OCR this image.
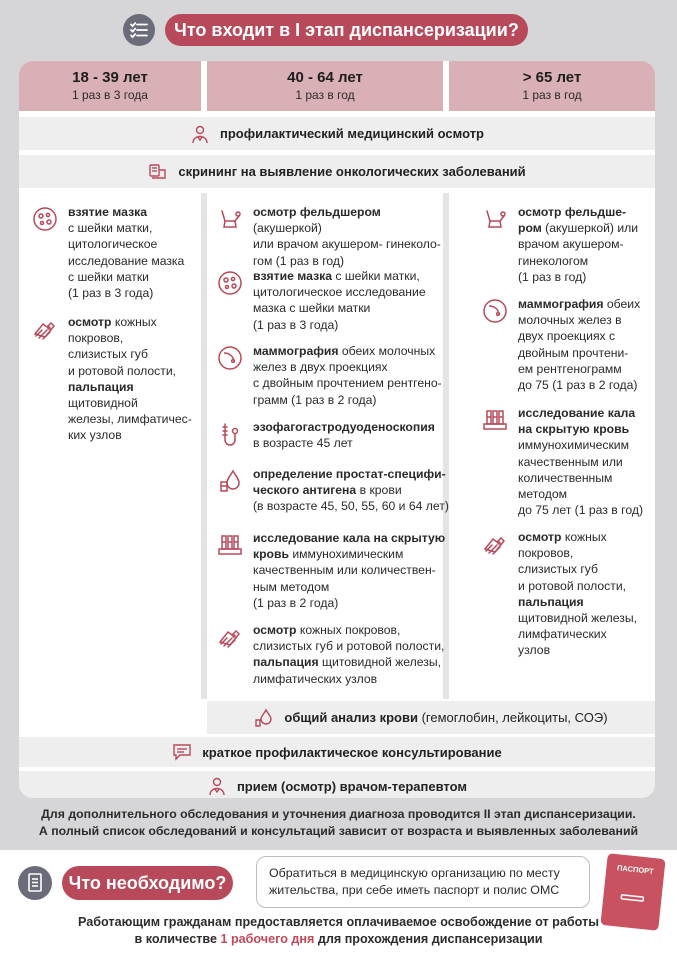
Что входит в I этап диспансеризации?
18 - 39 лет
1 раз в 3 года
40 - 64 лет
1 раз в год
> 65 лет
1 раз в год
профилактический медицинский осмотр
скрининг на выявление онкологических заболеваний
взятие мазка
с шейки матки,
цитологическое
исследование мазка
с шейки матки
(1 раз в 3 года)
осмотр кожных
покровов,
слизистых губ
и ротовой полости,
пальпация
щитовидной
железы, лимфатичес-
ких узлов
осмотр фельдшером (акушеркой)
или врачом акушером- гинеколо-
гом (1 раз в год)
взятие мазка с шейки матки,
цитологическое исследование
мазка с шейки матки
(1 раз в 3 года)
маммография обеих молочных
желез в двух проекциях
с двойным прочтением рентгено-
грамм (1 раз в 2 года)
эзофагогастродуоденоскопия
в возрасте 45 лет
определение простат-специфи-
ческого антигена в крови
(в возрасте 45, 50, 55, 60 и 64 лет)
исследование кала на скрытую
кровь иммунохимическим
качественным или количествен-
ным методом
(1 раз в 2 года)
осмотр кожных покровов,
слизистых губ и ротовой полости,
пальпация щитовидной железы,
лимфатических узлов
осмотр фельдше-
ром (акушеркой) или
врачом акушером-
гинекологом
(1 раз в год)
маммография обеих
молочных желез в
двух проекциях с
двойным прочтени-
ем рентгенограмм
до 75 (1 раз в 2 года)
исследование кала
на скрытую кровь
иммунохимическим
качественным или
количественным
методом
до 75 лет (1 раз в год)
осмотр кожных
покровов,
слизистых губ
и ротовой полости,
пальпация
щитовидной железы,
лимфатических
узлов
общий анализ крови (гемоглобин, лейкоциты, СОЭ)
краткое профилактическое консультирование
прием (осмотр) врачом-терапевтом
Для дополнительного обследования и уточнения диагноза проводится II этап диспансеризации.
А полный список обследований и консультаций зависит от возраста и выявленных заболеваний
Что необходимо?	Обратиться в медицинскую организацию по месту жительства, при себе иметь паспорт и полис ОМС
ПАСПОРТ
Работающим гражданам предоставляется оплачиваемое освобождение от работы
в количестве 1 рабочего дня для прохождения диспансеризации
